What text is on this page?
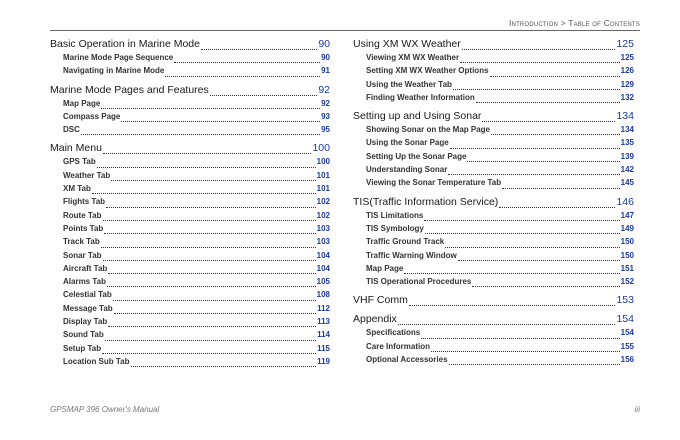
Introduction > Table of Contents
Basic Operation in Marine Mode	90
Marine Mode Page Sequence	90
Navigating in Marine Mode	91
Marine Mode Pages and Features	92
Map Page	92
Compass Page	93
DSC	95
Main Menu	100
GPS Tab	100
Weather Tab	101
XM Tab	101
Flights Tab	102
Route Tab	102
Points Tab	103
Track Tab	103
Sonar Tab	104
Aircraft Tab	104
Alarms Tab	105
Celestial Tab	108
Message Tab	112
Display Tab	113
Sound Tab	114
Setup Tab	115
Location Sub Tab	119
Using XM WX Weather	125
Viewing XM WX Weather	125
Setting XM WX Weather Options	126
Using the Weather Tab	129
Finding Weather Information	132
Setting up and Using Sonar	134
Showing Sonar on the Map Page	134
Using the Sonar Page	135
Setting Up the Sonar Page	139
Understanding Sonar	142
Viewing the Sonar Temperature Tab	145
TIS(Traffic Information Service)	146
TIS Limitations	147
TIS Symbology	149
Traffic Ground Track	150
Traffic Warning Window	150
Map Page	151
TIS Operational Procedures	152
VHF Comm	153
Appendix	154
Specifications	154
Care Information	155
Optional Accessories	156
GPSMAP 396 Owner's Manual	iii
